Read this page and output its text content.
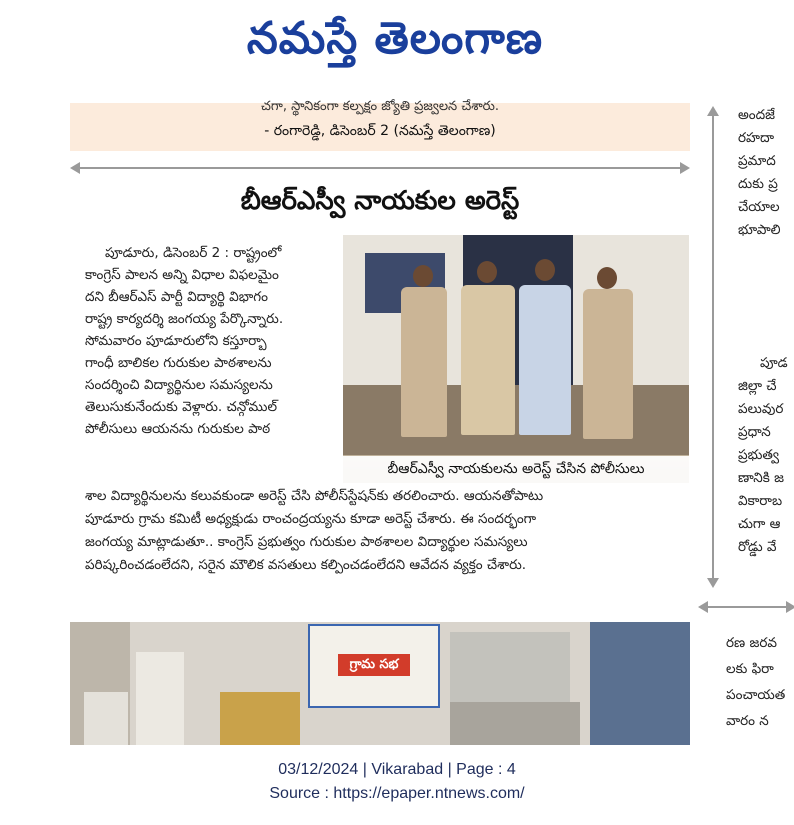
నమస్తే తెలంగాణ
చగా, స్థానికంగా కల్పక్షం జ్యోతి ప్రజ్వలన చేశారు.
- రంగారెడ్డి, డిసెంబర్ 2 (నమస్తే తెలంగాణ)
బీఆర్ఎస్వీ నాయకుల అరెస్ట్

పూడూరు, డిసెంబర్ 2 : రాష్ట్రంలో

కాంగ్రెస్ పాలన అన్ని విధాల విఫలమైం

దని బీఆర్ఎస్ పార్టీ విద్యార్థి విభాగం

రాష్ట్ర కార్యదర్శి జంగయ్య పేర్కొన్నారు.

సోమవారం పూడూరులోని కస్తూర్బా

గాంధీ బాలికల గురుకుల పాఠశాలను

సందర్శించి విద్యార్థినుల సమస్యలను

తెలుసుకునేందుకు వెళ్లారు. చన్గోముల్

పోలీసులు ఆయనను గురుకుల పాఠ

బీఆర్ఎస్వీ నాయకులను అరెస్ట్ చేసిన పోలీసులు

శాల విద్యార్థినులను కలువకుండా అరెస్ట్ చేసి పోలీస్‌స్టేషన్‌కు తరలించారు. ఆయనతోపాటు

పూడూరు గ్రామ కమిటీ అధ్యక్షుడు రాంచంద్రయ్యను కూడా అరెస్ట్ చేశారు. ఈ సందర్భంగా

జంగయ్య మాట్లాడుతూ.. కాంగ్రెస్ ప్రభుత్వం గురుకుల పాఠశాలల విద్యార్థుల సమస్యలు

పరిష్కరించడంలేదని, సరైన మౌలిక వసతులు కల్పించడంలేదని ఆవేదన వ్యక్తం చేశారు.

అందజే

రహదా

ప్రమాద

దుకు ప్ర

చేయాల

భూపాలి

పూడ

జిల్లా చే

పలువుర

ప్రధాన

ప్రభుత్వ

ణానికి జ

వికారాబ

చుగా ఆ

రోడ్డు వే

రణ జరవ

లకు ఫిరా

పంచాయత

వారం న

గ్రామ సభ
03/12/2024 | Vikarabad | Page : 4
Source : https://epaper.ntnews.com/
